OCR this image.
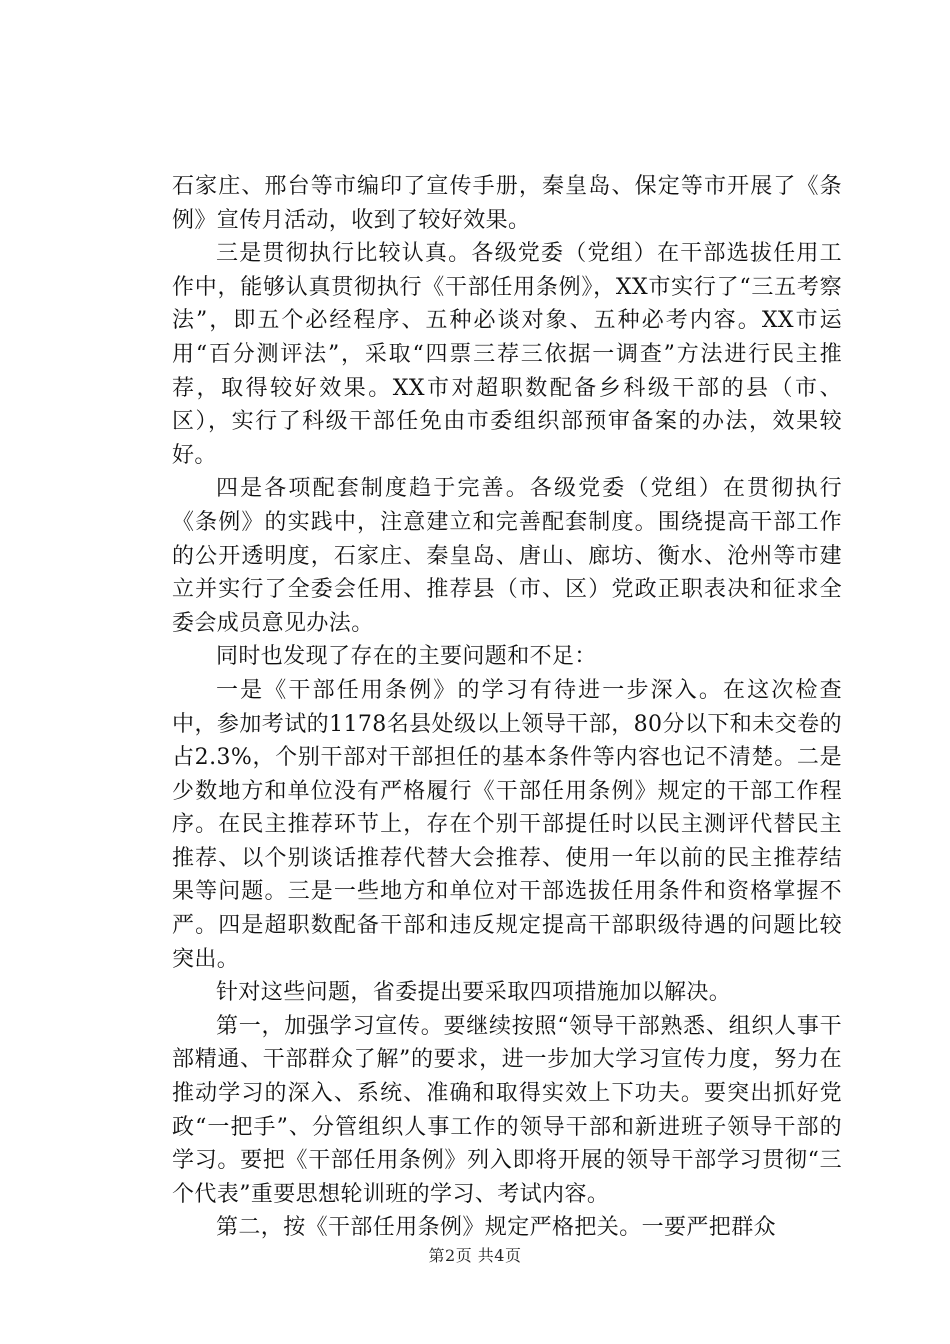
石家庄、邢台等市编印了宣传手册，秦皇岛、保定等市开展了《条例》宣传月活动，收到了较好效果。

三是贯彻执行比较认真。各级党委（党组）在干部选拔任用工作中，能够认真贯彻执行《干部任用条例》，XX市实行了“三五考察法”，即五个必经程序、五种必谈对象、五种必考内容。XX市运用“百分测评法”，采取“四票三荐三依据一调查”方法进行民主推荐，取得较好效果。XX市对超职数配备乡科级干部的县（市、区），实行了科级干部任免由市委组织部预审备案的办法，效果较好。

四是各项配套制度趋于完善。各级党委（党组）在贯彻执行《条例》的实践中，注意建立和完善配套制度。围绕提高干部工作的公开透明度，石家庄、秦皇岛、唐山、廊坊、衡水、沧州等市建立并实行了全委会任用、推荐县（市、区）党政正职表决和征求全委会成员意见办法。

同时也发现了存在的主要问题和不足：

一是《干部任用条例》的学习有待进一步深入。在这次检查中，参加考试的1178名县处级以上领导干部，80分以下和未交卷的占2.3%，个别干部对干部担任的基本条件等内容也记不清楚。二是少数地方和单位没有严格履行《干部任用条例》规定的干部工作程序。在民主推荐环节上，存在个别干部提任时以民主测评代替民主推荐、以个别谈话推荐代替大会推荐、使用一年以前的民主推荐结果等问题。三是一些地方和单位对干部选拔任用条件和资格掌握不严。四是超职数配备干部和违反规定提高干部职级待遇的问题比较突出。

针对这些问题，省委提出要采取四项措施加以解决。

第一，加强学习宣传。要继续按照“领导干部熟悉、组织人事干部精通、干部群众了解”的要求，进一步加大学习宣传力度，努力在推动学习的深入、系统、准确和取得实效上下功夫。要突出抓好党政“一把手”、分管组织人事工作的领导干部和新进班子领导干部的学习。要把《干部任用条例》列入即将开展的领导干部学习贯彻“三个代表”重要思想轮训班的学习、考试内容。

第二，按《干部任用条例》规定严格把关。一要严把群众

第2页 共4页
